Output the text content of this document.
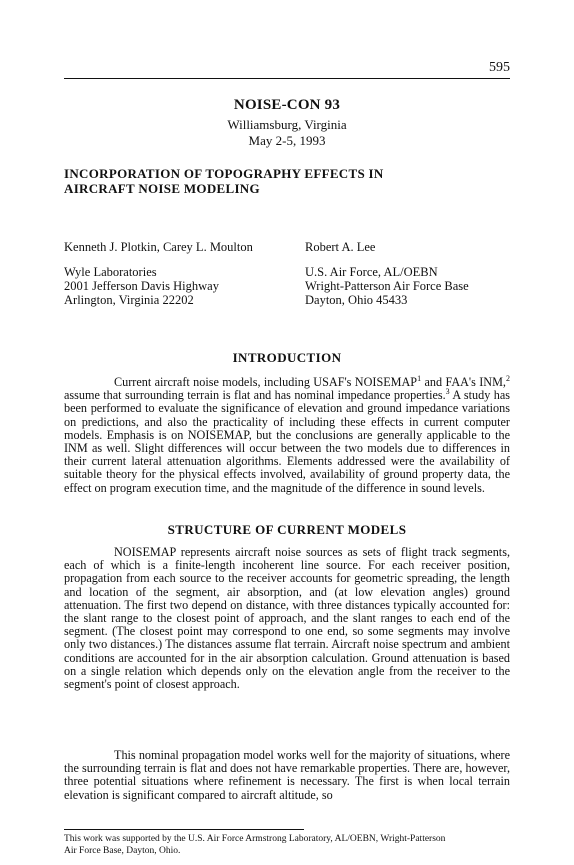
595
NOISE-CON 93
Williamsburg, Virginia
May 2-5, 1993
INCORPORATION OF TOPOGRAPHY EFFECTS IN
AIRCRAFT NOISE MODELING
Kenneth J. Plotkin, Carey L. Moulton	Robert A. Lee
Wyle Laboratories
2001 Jefferson Davis Highway
Arlington, Virginia 22202
U.S. Air Force, AL/OEBN
Wright-Patterson Air Force Base
Dayton, Ohio 45433
INTRODUCTION

Current aircraft noise models, including USAF's NOISEMAP$^1$ and FAA's INM,$^2$ assume that surrounding terrain is flat and has nominal impedance properties.$^3$ A study has been performed to evaluate the significance of elevation and ground impedance variations on predictions, and also the practicality of including these effects in current computer models. Emphasis is on NOISEMAP, but the conclusions are generally applicable to the INM as well. Slight differences will occur between the two models due to differences in their current lateral attenuation algorithms. Elements addressed were the availability of suitable theory for the physical effects involved, availability of ground property data, the effect on program execution time, and the magnitude of the difference in sound levels.

STRUCTURE OF CURRENT MODELS

NOISEMAP represents aircraft noise sources as sets of flight track segments, each of which is a finite-length incoherent line source. For each receiver position, propagation from each source to the receiver accounts for geometric spreading, the length and location of the segment, air absorption, and (at low elevation angles) ground attenuation. The first two depend on distance, with three distances typically accounted for: the slant range to the closest point of approach, and the slant ranges to each end of the segment. (The closest point may correspond to one end, so some segments may involve only two distances.) The distances assume flat terrain. Aircraft noise spectrum and ambient conditions are accounted for in the air absorption calculation. Ground attenuation is based on a single relation which depends only on the elevation angle from the receiver to the segment's point of closest approach.

This nominal propagation model works well for the majority of situations, where the surrounding terrain is flat and does not have remarkable properties. There are, however, three potential situations where refinement is necessary. The first is when local terrain elevation is significant compared to aircraft altitude, so

This work was supported by the U.S. Air Force Armstrong Laboratory, AL/OEBN, Wright-Patterson Air Force Base, Dayton, Ohio.
